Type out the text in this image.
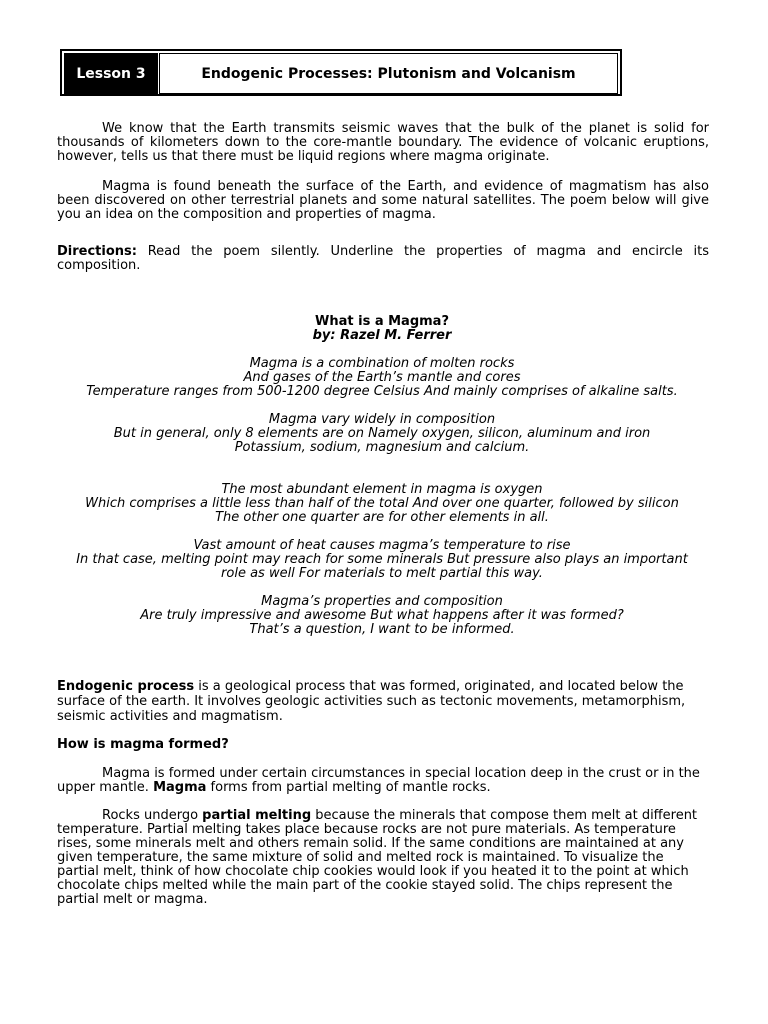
Lesson 3	Endogenic Processes: Plutonism and Volcanism
We know that the Earth transmits seismic waves that the bulk of the planet is solid for thousands of kilometers down to the core-mantle boundary. The evidence of volcanic eruptions, however, tells us that there must be liquid regions where magma originate.
Magma is found beneath the surface of the Earth, and evidence of magmatism has also been discovered on other terrestrial planets and some natural satellites. The poem below will give you an idea on the composition and properties of magma.
Directions: Read the poem silently. Underline the properties of magma and encircle its composition.
What is a Magma?
by: Razel M. Ferrer
Magma is a combination of molten rocks
And gases of the Earth’s mantle and cores
Temperature ranges from 500-1200 degree Celsius And mainly comprises of alkaline salts.
Magma vary widely in composition
But in general, only 8 elements are on Namely oxygen, silicon, aluminum and iron
Potassium, sodium, magnesium and calcium.
The most abundant element in magma is oxygen
Which comprises a little less than half of the total And over one quarter, followed by silicon
The other one quarter are for other elements in all.
Vast amount of heat causes magma’s temperature to rise
In that case, melting point may reach for some minerals But pressure also plays an important
role as well For materials to melt partial this way.
Magma’s properties and composition
Are truly impressive and awesome But what happens after it was formed?
That’s a question, I want to be informed.
Endogenic process is a geological process that was formed, originated, and located below the surface of the earth. It involves geologic activities such as tectonic movements, metamorphism, seismic activities and magmatism.
How is magma formed?
Magma is formed under certain circumstances in special location deep in the crust or in the upper mantle. Magma forms from partial melting of mantle rocks.
Rocks undergo partial melting because the minerals that compose them melt at different temperature. Partial melting takes place because rocks are not pure materials. As temperature rises, some minerals melt and others remain solid. If the same conditions are maintained at any given temperature, the same mixture of solid and melted rock is maintained. To visualize the partial melt, think of how chocolate chip cookies would look if you heated it to the point at which chocolate chips melted while the main part of the cookie stayed solid. The chips represent the partial melt or magma.
